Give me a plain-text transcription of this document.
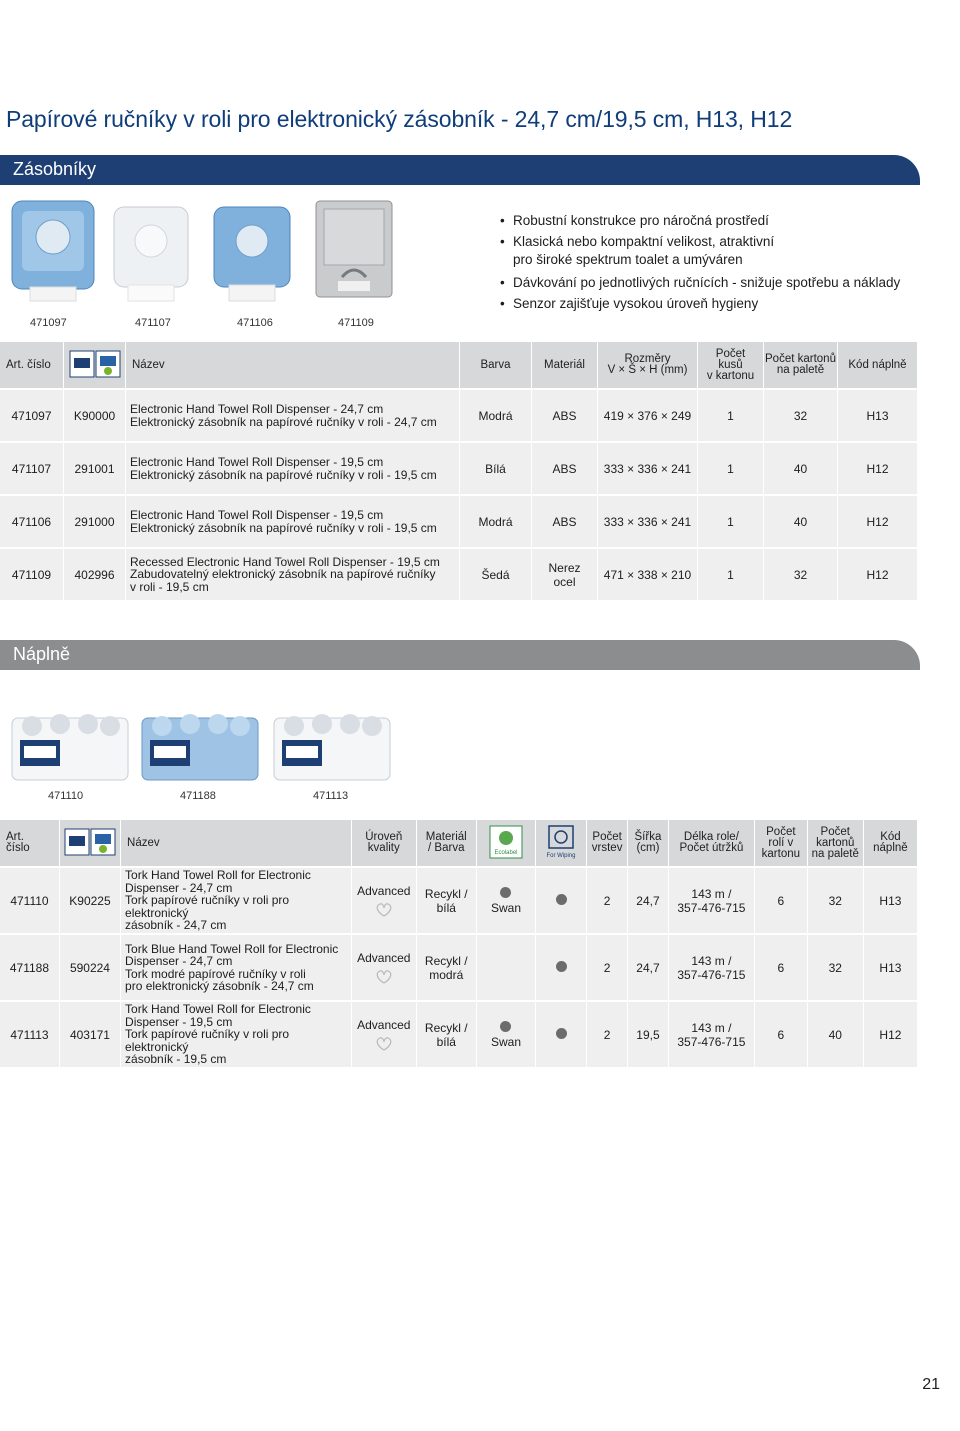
Papírové ručníky v roli pro elektronický zásobník - 24,7 cm/19,5 cm, H13, H12
Zásobníky
471097	471107	471106	471109
• Robustní konstrukce pro náročná prostředí
• Klasická nebo kompaktní velikost, atraktivní
pro široké spektrum toalet a umýváren
• Dávkování po jednotlivých ručnících - snižuje spotřebu a náklady
• Senzor zajišťuje vysokou úroveň hygieny
Art. číslo		Název	Barva	Materiál	Rozměry
V × Š × H (mm)	Počet
kusů
v kartonu	Počet kartonů
na paletě	Kód náplně
471097	K90000	Electronic Hand Towel Roll Dispenser - 24,7 cm
Elektronický zásobník na papírové ručníky v roli - 24,7 cm	Modrá	ABS	419 × 376 × 249	1	32	H13
471107	291001	Electronic Hand Towel Roll Dispenser - 19,5 cm
Elektronický zásobník na papírové ručníky v roli - 19,5 cm	Bílá	ABS	333 × 336 × 241	1	40	H12
471106	291000	Electronic Hand Towel Roll Dispenser - 19,5 cm
Elektronický zásobník na papírové ručníky v roli - 19,5 cm	Modrá	ABS	333 × 336 × 241	1	40	H12
471109	402996	Recessed Electronic Hand Towel Roll Dispenser - 19,5 cm
Zabudovatelný elektronický zásobník na papírové ručníky
v roli - 19,5 cm	Šedá	Nerez
ocel	471 × 338 × 210	1	32	H12
Náplně
471110	471188	471113
Art.
číslo		Název	Úroveň
kvality	Materiál
/ Barva	Ecolabel	For Wiping	Počet
vrstev	Šířka
(cm)	Délka role/
Počet útržků	Počet
rolí v
kartonu	Počet
kartonů
na paletě	Kód
náplně
471110	K90225	Tork Hand Towel Roll for Electronic
Dispenser - 24,7 cm
Tork papírové ručníky v roli pro elektronický
zásobník - 24,7 cm	Advanced	Recykl /
bílá	Swan		2	24,7	143 m /
357-476-715	6	32	H13
471188	590224	Tork Blue Hand Towel Roll for Electronic
Dispenser - 24,7 cm
Tork modré papírové ručníky v roli
pro elektronický zásobník - 24,7 cm	Advanced	Recykl /
modrá			2	24,7	143 m /
357-476-715	6	32	H13
471113	403171	Tork Hand Towel Roll for Electronic
Dispenser - 19,5 cm
Tork papírové ručníky v roli pro elektronický
zásobník - 19,5 cm	Advanced	Recykl /
bílá	Swan		2	19,5	143 m /
357-476-715	6	40	H12
21
